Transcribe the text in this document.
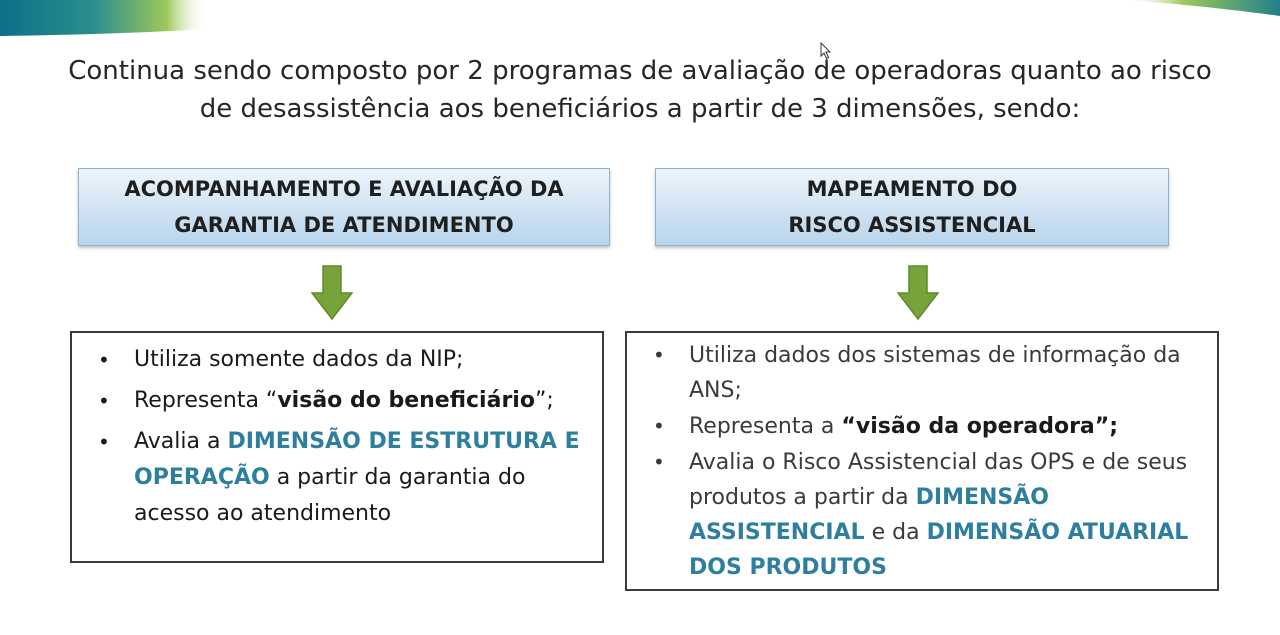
Continua sendo composto por 2 programas de avaliação de operadoras quanto ao risco
de desassistência aos beneficiários a partir de 3 dimensões, sendo:
ACOMPANHAMENTO E AVALIAÇÃO DA
GARANTIA DE ATENDIMENTO
MAPEAMENTO DO
RISCO ASSISTENCIAL
• Utiliza somente dados da NIP;
• Representa “visão do beneficiário”;
• Avalia a DIMENSÃO DE ESTRUTURA E OPERAÇÃO a partir da garantia do acesso ao atendimento
• Utiliza dados dos sistemas de informação da ANS;
• Representa a “visão da operadora”;
• Avalia o Risco Assistencial das OPS e de seus produtos a partir da DIMENSÃO ASSISTENCIAL e da DIMENSÃO ATUARIAL DOS PRODUTOS
